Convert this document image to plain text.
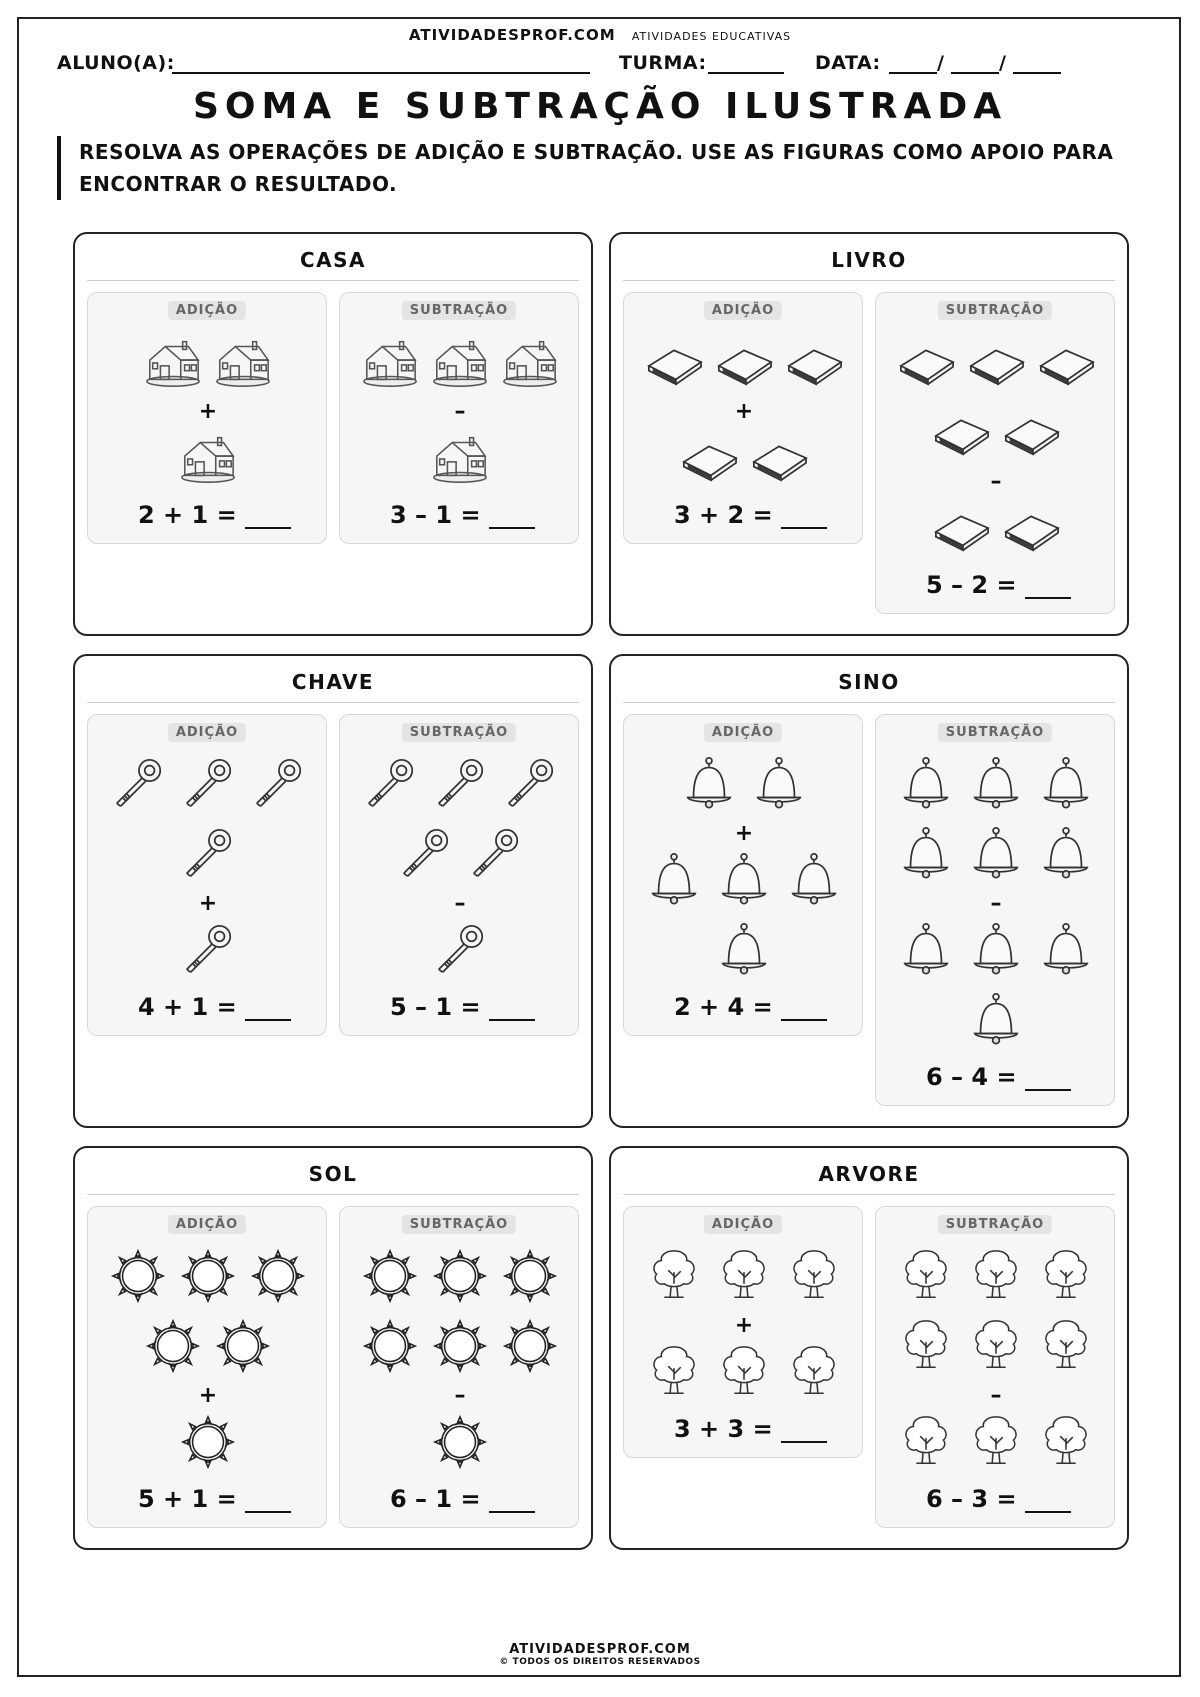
ATIVIDADESPROF.COM ATIVIDADES EDUCATIVAS
ALUNO(A):	TURMA:	DATA:	/	/
SOMA E SUBTRAÇÃO ILUSTRADA
RESOLVA AS OPERAÇÕES DE ADIÇÃO E SUBTRAÇÃO. USE AS FIGURAS COMO APOIO PARA ENCONTRAR O RESULTADO.
CASA
ADIÇÃO
+
2 + 1 =
SUBTRAÇÃO
–
3 – 1 =
LIVRO
ADIÇÃO
+
3 + 2 =
SUBTRAÇÃO
–
5 – 2 =
CHAVE
ADIÇÃO
+
4 + 1 =
SUBTRAÇÃO
–
5 – 1 =
SINO
ADIÇÃO
+
2 + 4 =
SUBTRAÇÃO
–
6 – 4 =
SOL
ADIÇÃO
+
5 + 1 =
SUBTRAÇÃO
–
6 – 1 =
ARVORE
ADIÇÃO
+
3 + 3 =
SUBTRAÇÃO
–
6 – 3 =
ATIVIDADESPROF.COM
© TODOS OS DIREITOS RESERVADOS
